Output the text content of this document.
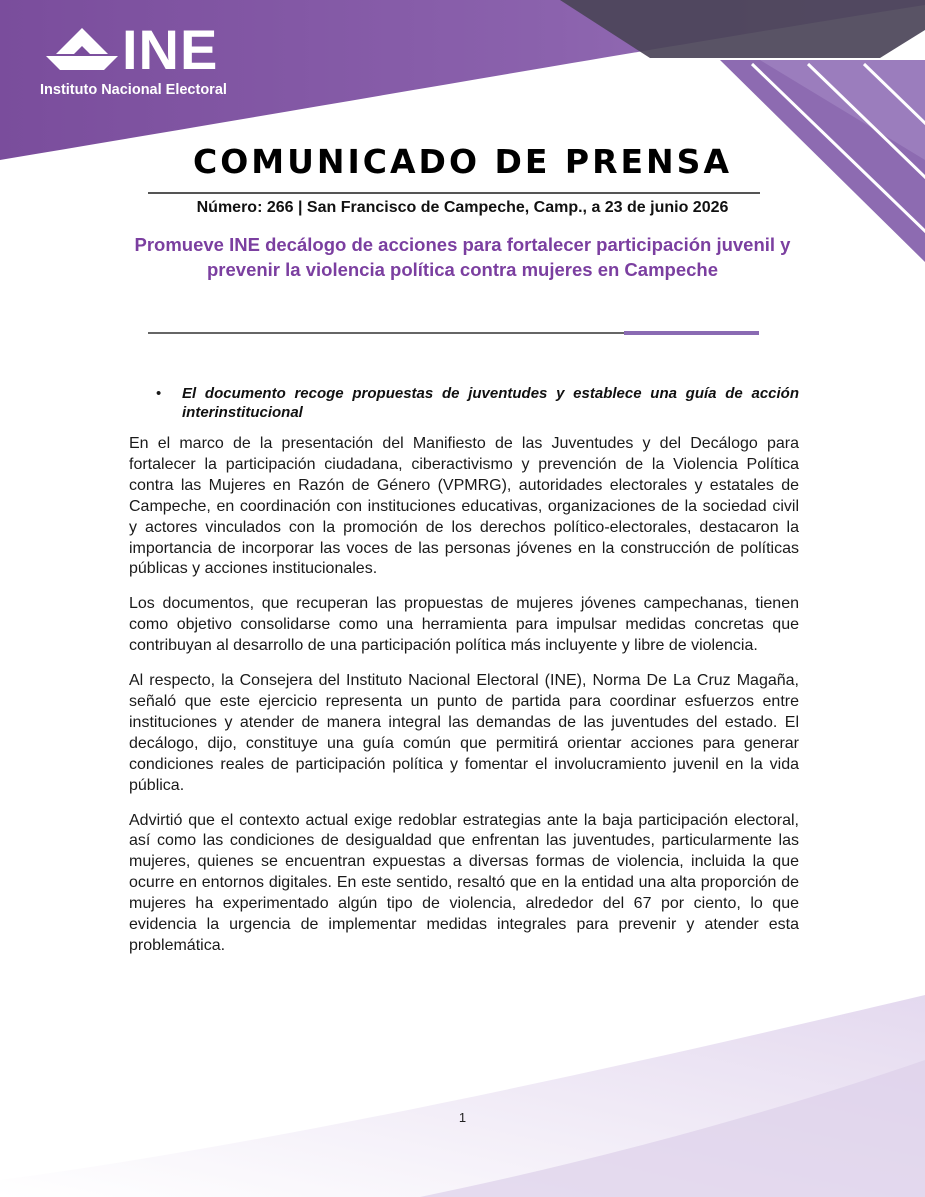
INE
Instituto Nacional Electoral
COMUNICADO DE PRENSA

Número: 266 | San Francisco de Campeche, Camp., a 23 de junio 2026

Promueve INE decálogo de acciones para fortalecer participación juvenil y prevenir la violencia política contra mujeres en Campeche
•	El documento recoge propuestas de juventudes y establece una guía de acción interinstitucional

En el marco de la presentación del Manifiesto de las Juventudes y del Decálogo para fortalecer la participación ciudadana, ciberactivismo y prevención de la Violencia Política contra las Mujeres en Razón de Género (VPMRG), autoridades electorales y estatales de Campeche, en coordinación con instituciones educativas, organizaciones de la sociedad civil y actores vinculados con la promoción de los derechos político-electorales, destacaron la importancia de incorporar las voces de las personas jóvenes en la construcción de políticas públicas y acciones institucionales.

Los documentos, que recuperan las propuestas de mujeres jóvenes campechanas, tienen como objetivo consolidarse como una herramienta para impulsar medidas concretas que contribuyan al desarrollo de una participación política más incluyente y libre de violencia.

Al respecto, la Consejera del Instituto Nacional Electoral (INE), Norma De La Cruz Magaña, señaló que este ejercicio representa un punto de partida para coordinar esfuerzos entre instituciones y atender de manera integral las demandas de las juventudes del estado. El decálogo, dijo, constituye una guía común que permitirá orientar acciones para generar condiciones reales de participación política y fomentar el involucramiento juvenil en la vida pública.

Advirtió que el contexto actual exige redoblar estrategias ante la baja participación electoral, así como las condiciones de desigualdad que enfrentan las juventudes, particularmente las mujeres, quienes se encuentran expuestas a diversas formas de violencia, incluida la que ocurre en entornos digitales. En este sentido, resaltó que en la entidad una alta proporción de mujeres ha experimentado algún tipo de violencia, alrededor del 67 por ciento, lo que evidencia la urgencia de implementar medidas integrales para prevenir y atender esta problemática.

1
